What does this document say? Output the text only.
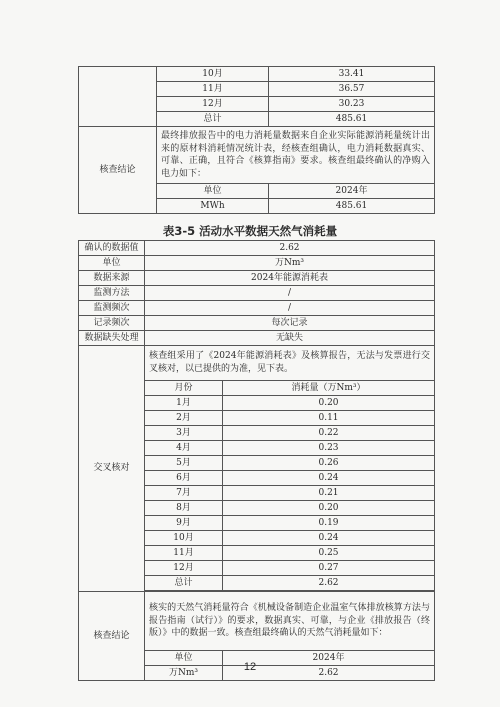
	10月	33.41
	11月	36.57
	12月	30.23
	总计	485.61
核查结论	最终排放报告中的电力消耗量数据来自企业实际能源消耗量统计出来的原材料消耗情况统计表，经核查组确认，电力消耗数据真实、可靠、正确，且符合《核算指南》要求。核查组最终确认的净购入电力如下：	
	单位	2024年
	MWh	485.61
表3-5 活动水平数据天然气消耗量
确认的数据值	2.62	
单位	万Nm³	
数据来源	2024年能源消耗表	
监测方法	/	
监测频次	/	
记录频次	每次记录	
数据缺失处理	无缺失	
交叉核对	核查组采用了《2024年能源消耗表》及核算报告，无法与发票进行交叉核对，以已提供的为准，见下表。	
	月份	消耗量（万Nm³）
	1月	0.20
	2月	0.11
	3月	0.22
	4月	0.23
	5月	0.26
	6月	0.24
	7月	0.21
	8月	0.20
	9月	0.19
	10月	0.24
	11月	0.25
	12月	0.27
	总计	2.62

核查结论	核实的天然气消耗量符合《机械设备制造企业温室气体排放核算方法与报告指南（试行）》的要求，数据真实、可靠，与企业《排放报告（终版）》中的数据一致。核查组最终确认的天然气消耗量如下：	
	单位	2024年
	万Nm³	2.62
12
